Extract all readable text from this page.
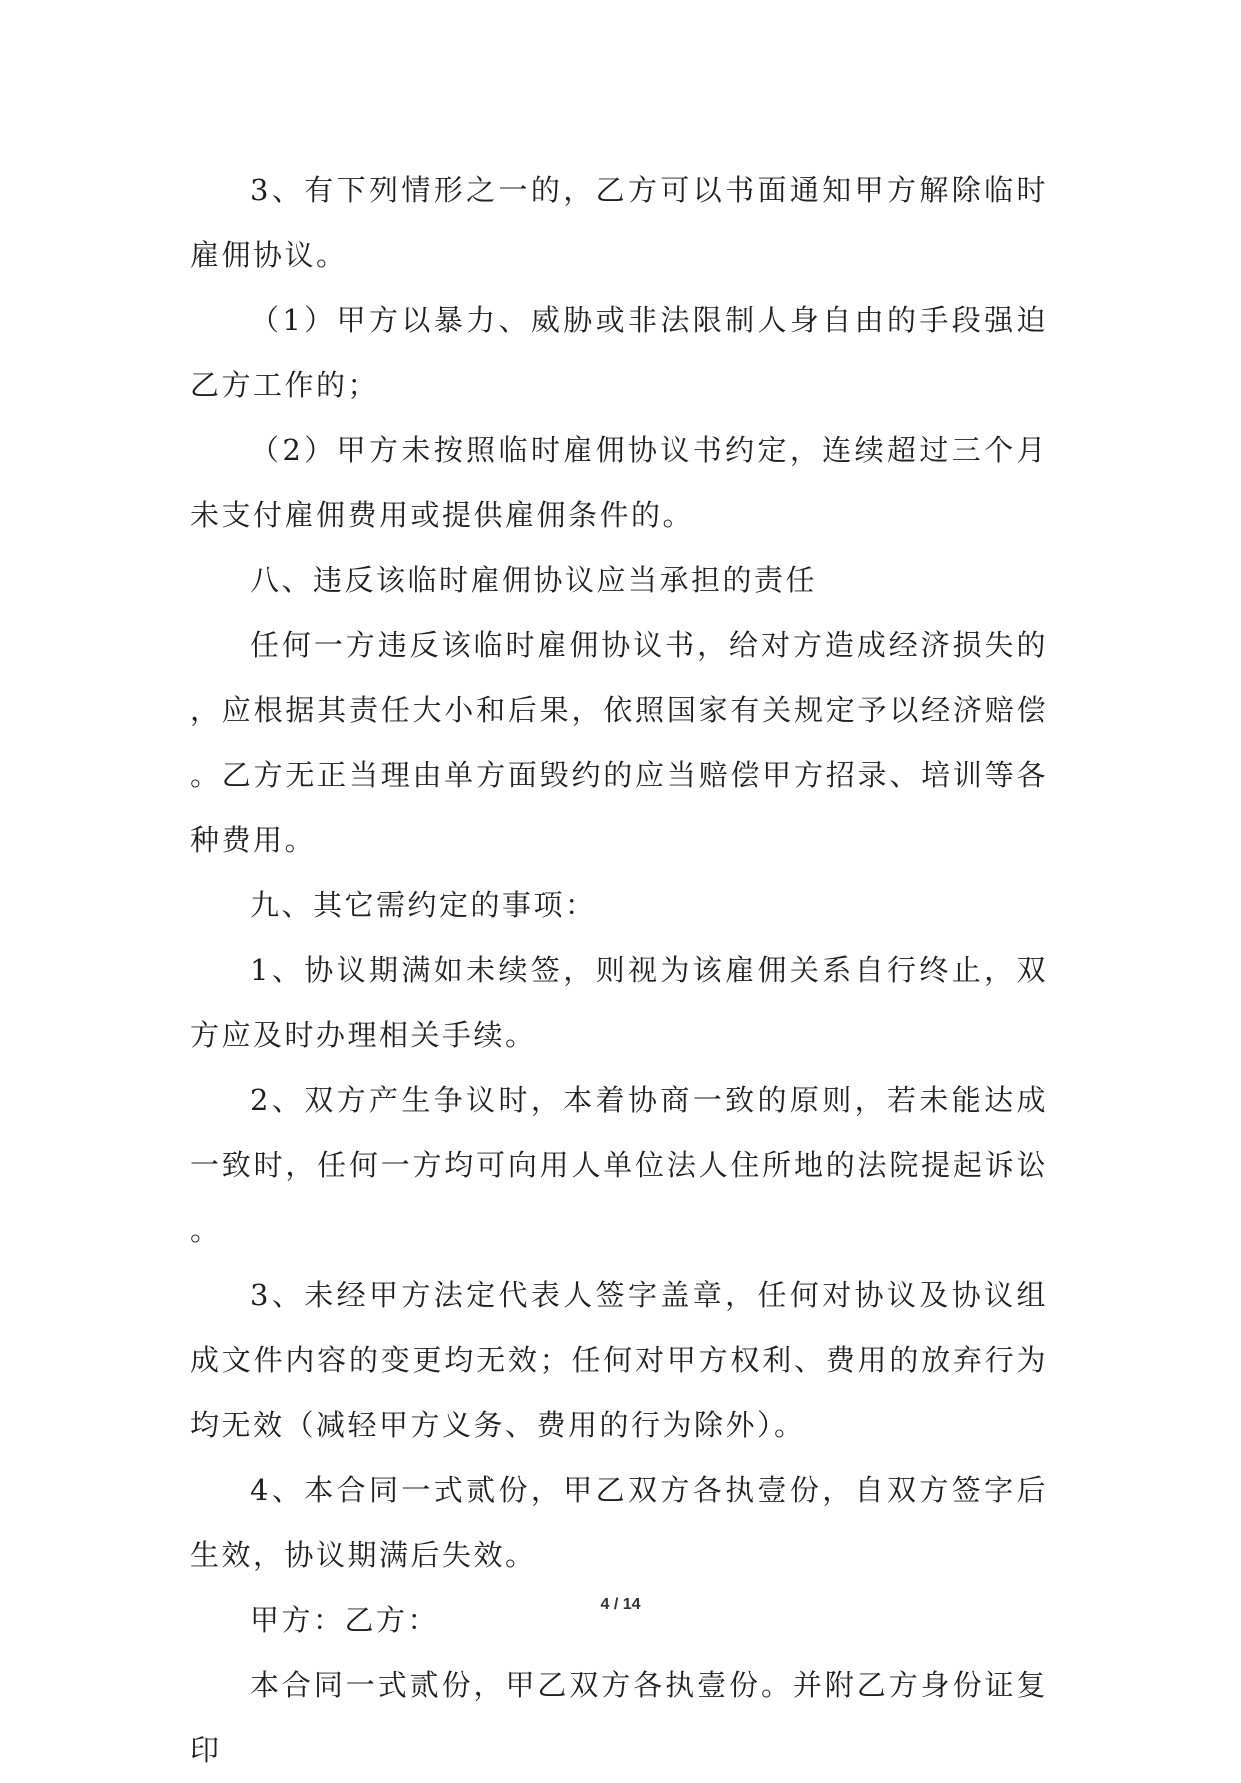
3、有下列情形之一的，乙方可以书面通知甲方解除临时雇佣协议。

（1）甲方以暴力、威胁或非法限制人身自由的手段强迫乙方工作的；

（2）甲方未按照临时雇佣协议书约定，连续超过三个月未支付雇佣费用或提供雇佣条件的。

八、违反该临时雇佣协议应当承担的责任

任何一方违反该临时雇佣协议书，给对方造成经济损失的，应根据其责任大小和后果，依照国家有关规定予以经济赔偿。乙方无正当理由单方面毁约的应当赔偿甲方招录、培训等各种费用。

九、其它需约定的事项：

1、协议期满如未续签，则视为该雇佣关系自行终止，双方应及时办理相关手续。

2、双方产生争议时，本着协商一致的原则，若未能达成一致时，任何一方均可向用人单位法人住所地的法院提起诉讼。

3、未经甲方法定代表人签字盖章，任何对协议及协议组成文件内容的变更均无效；任何对甲方权利、费用的放弃行为均无效（减轻甲方义务、费用的行为除外）。

4、本合同一式贰份，甲乙双方各执壹份，自双方签字后生效，协议期满后失效。

甲方：乙方：

本合同一式贰份，甲乙双方各执壹份。并附乙方身份证复印

4 / 14
